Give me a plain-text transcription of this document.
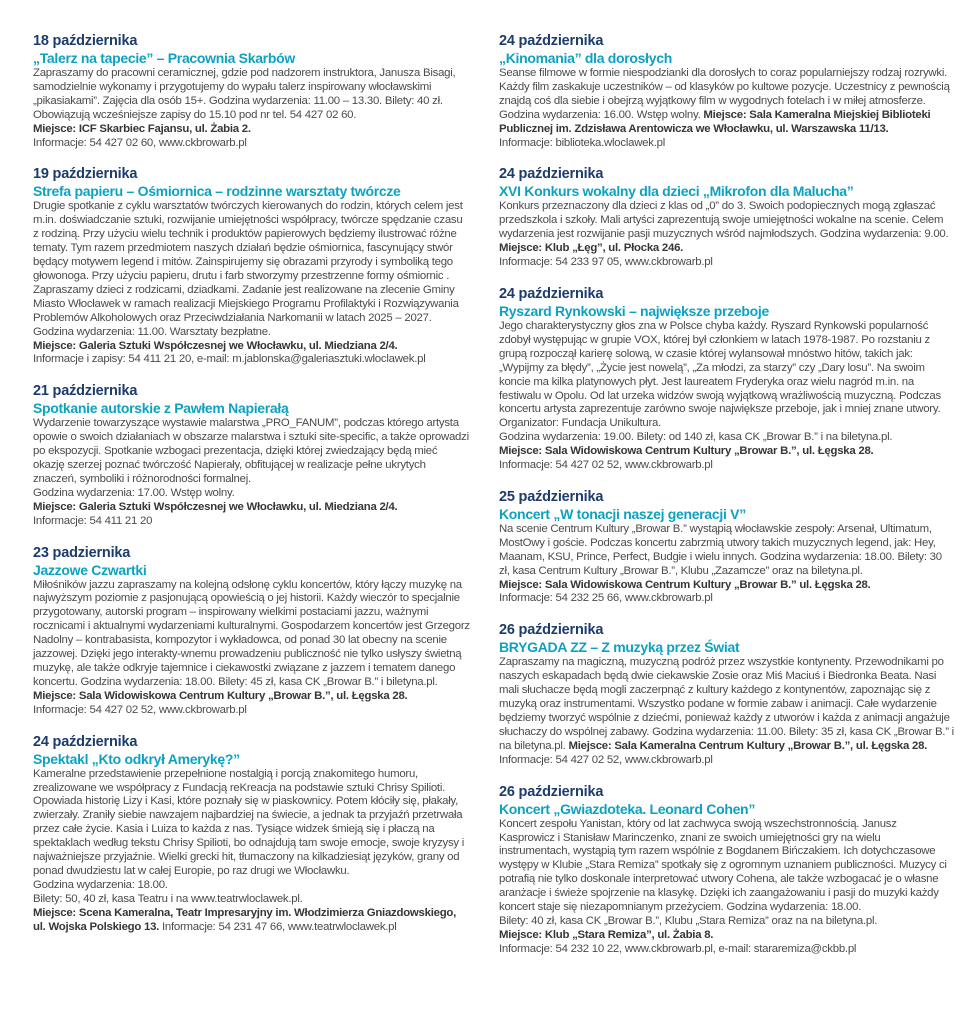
18 października
„Talerz na tapecie” – Pracownia Skarbów

Zapraszamy do pracowni ceramicznej, gdzie pod nadzorem instruktora, Janusza Bisagi, samodzielnie wykonamy i przygotujemy do wypału talerz inspirowany włocławskimi „pikasiakami”. Zajęcia dla osób 15+. Godzina wydarzenia: 11.00 – 13.30. Bilety: 40 zł. Obowiązują wcześniejsze zapisy do 15.10 pod nr tel. 54 427 02 60.
Miejsce: ICF Skarbiec Fajansu, ul. Żabia 2.
Informacje: 54 427 02 60, www.ckbrowarb.pl

19 października
Strefa papieru – Ośmiornica – rodzinne warsztaty twórcze

Drugie spotkanie z cyklu warsztatów twórczych kierowanych do rodzin, których celem jest m.in. doświadczanie sztuki, rozwijanie umiejętności współpracy, twórcze spędzanie czasu z rodziną. Przy użyciu wielu technik i produktów papierowych będziemy ilustrować różne tematy. Tym razem przedmiotem naszych działań będzie ośmiornica, fascynujący stwór będący motywem legend i mitów. Zainspirujemy się obrazami przyrody i symboliką tego głowonoga. Przy użyciu papieru, drutu i farb stworzymy przestrzenne formy ośmiornic . Zapraszamy dzieci z rodzicami, dziadkami. Zadanie jest realizowane na zlecenie Gminy Miasto Włocławek w ramach realizacji Miejskiego Programu Profilaktyki i Rozwiązywania Problemów Alkoholowych oraz Przeciwdziałania Narkomanii w latach 2025 – 2027. Godzina wydarzenia: 11.00. Warsztaty bezpłatne.
Miejsce: Galeria Sztuki Współczesnej we Włocławku, ul. Miedziana 2/4.
Informacje i zapisy: 54 411 21 20, e-mail: m.jablonska@galeriasztuki.wloclawek.pl

21 października
Spotkanie autorskie z Pawłem Napierałą

Wydarzenie towarzyszące wystawie malarstwa „PRO_FANUM”, podczas którego artysta opowie o swoich działaniach w obszarze malarstwa i sztuki site-specific, a także oprowadzi po ekspozycji. Spotkanie wzbogaci prezentacja, dzięki której zwiedzający będą mieć okazję szerzej poznać twórczość Napierały, obfitującej w realizacje pełne ukrytych znaczeń, symboliki i różnorodności formalnej.
Godzina wydarzenia: 17.00. Wstęp wolny.
Miejsce: Galeria Sztuki Współczesnej we Włocławku, ul. Miedziana 2/4.
Informacje: 54 411 21 20

23 padziernika
Jazzowe Czwartki

Miłośników jazzu zapraszamy na kolejną odsłonę cyklu koncertów, który łączy muzykę na najwyższym poziomie z pasjonującą opowieścią o jej historii. Każdy wieczór to specjalnie przygotowany, autorski program – inspirowany wielkimi postaciami jazzu, ważnymi rocznicami i aktualnymi wydarzeniami kulturalnymi. Gospodarzem koncertów jest Grzegorz Nadolny – kontrabasista, kompozytor i wykładowca, od ponad 30 lat obecny na scenie jazzowej. Dzięki jego interakty-wnemu prowadzeniu publiczność nie tylko usłyszy świetną muzykę, ale także odkryje tajemnice i ciekawostki związane z jazzem i tematem danego koncertu. Godzina wydarzenia: 18.00. Bilety: 45 zł, kasa CK „Browar B.” i biletyna.pl.
Miejsce: Sala Widowiskowa Centrum Kultury „Browar B.”, ul. Łęgska 28.
Informacje: 54 427 02 52, www.ckbrowarb.pl

24 października
Spektakl „Kto odkrył Amerykę?”

Kameralne przedstawienie przepełnione nostalgią i porcją znakomitego humoru, zrealizowane we współpracy z Fundacją reKreacja na podstawie sztuki Chrisy Spilioti. Opowiada historię Lizy i Kasi, które poznały się w piaskownicy. Potem kłóciły się, płakały, zwierzały. Zraniły siebie nawzajem najbardziej na świecie, a jednak ta przyjaźń przetrwała przez całe życie. Kasia i Luiza to każda z nas. Tysiące widzek śmieją się i płaczą na spektaklach według tekstu Chrisy Spilioti, bo odnajdują tam swoje emocje, swoje kryzysy i najważniejsze przyjaźnie. Wielki grecki hit, tłumaczony na kilkadziesiąt języków, grany od ponad dwudziestu lat w całej Europie, po raz drugi we Włocławku.
Godzina wydarzenia: 18.00.
Bilety: 50, 40 zł, kasa Teatru i na www.teatrwloclawek.pl.
Miejsce: Scena Kameralna, Teatr Impresaryjny im. Włodzimierza Gniazdowskiego, ul. Wojska Polskiego 13. Informacje: 54 231 47 66, www.teatrwloclawek.pl

24 października
„Kinomania” dla dorosłych

Seanse filmowe w formie niespodzianki dla dorosłych to coraz popularniejszy rodzaj rozrywki. Każdy film zaskakuje uczestników – od klasyków po kultowe pozycje. Uczestnicy z pewnością znajdą coś dla siebie i obejrzą wyjątkowy film w wygodnych fotelach i w miłej atmosferze. Godzina wydarzenia: 16.00. Wstęp wolny. Miejsce: Sala Kameralna Miejskiej Biblioteki Publicznej im. Zdzisława Arentowicza we Włocławku, ul. Warszawska 11/13.
Informacje: biblioteka.wloclawek.pl

24 października
XVI Konkurs wokalny dla dzieci „Mikrofon dla Malucha”

Konkurs przeznaczony dla dzieci z klas od „0” do 3. Swoich podopiecznych mogą zgłaszać przedszkola i szkoły. Mali artyści zaprezentują swoje umiejętności wokalne na scenie. Celem wydarzenia jest rozwijanie pasji muzycznych wśród najmłodszych. Godzina wydarzenia: 9.00. Miejsce: Klub „Łęg”, ul. Płocka 246.
Informacje: 54 233 97 05, www.ckbrowarb.pl

24 października
Ryszard Rynkowski – największe przeboje

Jego charakterystyczny głos zna w Polsce chyba każdy. Ryszard Rynkowski popularność zdobył występując w grupie VOX, której był członkiem w latach 1978-1987. Po rozstaniu z grupą rozpoczął karierę solową, w czasie której wylansował mnóstwo hitów, takich jak: „Wypijmy za błędy”, „Życie jest nowelą”, „Za młodzi, za starzy” czy „Dary losu”. Na swoim koncie ma kilka platynowych płyt. Jest laureatem Fryderyka oraz wielu nagród m.in. na festiwalu w Opolu. Od lat urzeka widzów swoją wyjątkową wrażliwością muzyczną. Podczas koncertu artysta zaprezentuje zarówno swoje największe przeboje, jak i mniej znane utwory. Organizator: Fundacja Unikultura.
Godzina wydarzenia: 19.00. Bilety: od 140 zł, kasa CK „Browar B.” i na biletyna.pl.
Miejsce: Sala Widowiskowa Centrum Kultury „Browar B.”, ul. Łęgska 28.
Informacje: 54 427 02 52, www.ckbrowarb.pl

25 października
Koncert „W tonacji naszej generacji V”

Na scenie Centrum Kultury „Browar B.” wystąpią włocławskie zespoły: Arsenał, Ultimatum, MostOwy i goście. Podczas koncertu zabrzmią utwory takich muzycznych legend, jak: Hey, Maanam, KSU, Prince, Perfect, Budgie i wielu innych. Godzina wydarzenia: 18.00. Bilety: 30 zł, kasa Centrum Kultury „Browar B.”, Klubu „Zazamcze” oraz na biletyna.pl.
Miejsce: Sala Widowiskowa Centrum Kultury „Browar B.” ul. Łęgska 28.
Informacje: 54 232 25 66, www.ckbrowarb.pl

26 października
BRYGADA ZZ – Z muzyką przez Świat

Zapraszamy na magiczną, muzyczną podróż przez wszystkie kontynenty. Przewodnikami po naszych eskapadach będą dwie ciekawskie Zosie oraz Miś Maciuś i Biedronka Beata. Nasi mali słuchacze będą mogli zaczerpnąć z kultury każdego z kontynentów, zapoznając się z muzyką oraz instrumentami. Wszystko podane w formie zabaw i animacji. Całe wydarzenie będziemy tworzyć wspólnie z dziećmi, ponieważ każdy z utworów i każda z animacji angażuje słuchaczy do wspólnej zabawy. Godzina wydarzenia: 11.00. Bilety: 35 zł, kasa CK „Browar B.” i na biletyna.pl. Miejsce: Sala Kameralna Centrum Kultury „Browar B.”, ul. Łęgska 28.
Informacje: 54 427 02 52, www.ckbrowarb.pl

26 października
Koncert „Gwiazdoteka. Leonard Cohen”

Koncert zespołu Yanistan, który od lat zachwyca swoją wszechstronnością. Janusz Kasprowicz i Stanisław Marinczenko, znani ze swoich umiejętności gry na wielu instrumentach, wystąpią tym razem wspólnie z Bogdanem Bińczakiem. Ich dotychczasowe występy w Klubie „Stara Remiza” spotkały się z ogromnym uznaniem publiczności. Muzycy ci potrafią nie tylko doskonale interpretować utwory Cohena, ale także wzbogacać je o własne aranżacje i świeże spojrzenie na klasykę. Dzięki ich zaangażowaniu i pasji do muzyki każdy koncert staje się niezapomnianym przeżyciem. Godzina wydarzenia: 18.00.
Bilety: 40 zł, kasa CK „Browar B.”, Klubu „Stara Remiza” oraz na na biletyna.pl.
Miejsce: Klub „Stara Remiza”, ul. Żabia 8.
Informacje: 54 232 10 22, www.ckbrowarb.pl, e-mail: stararemiza@ckbb.pl
